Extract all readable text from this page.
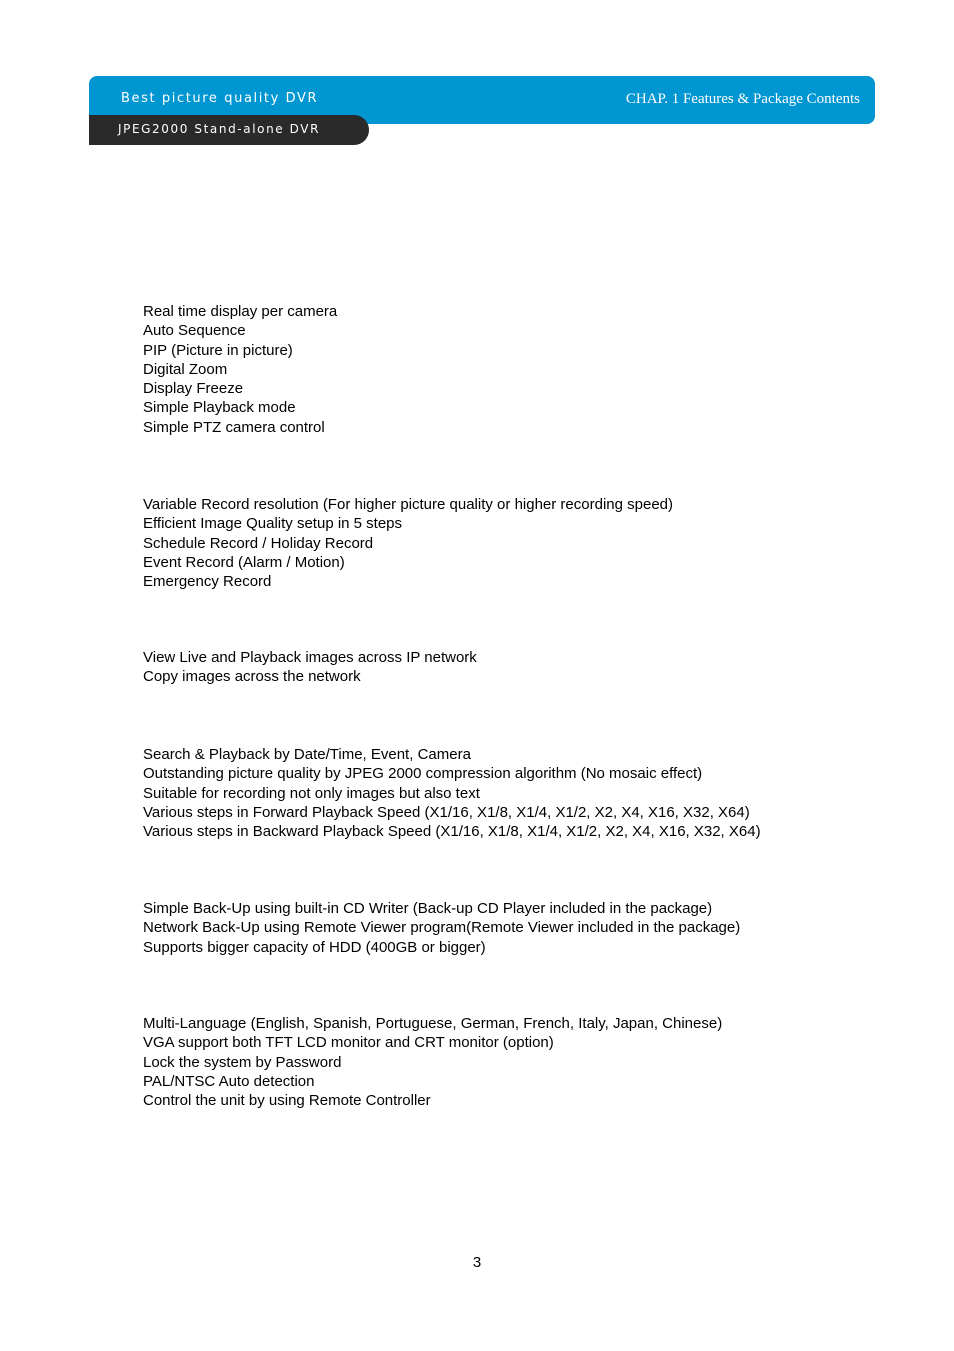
Best picture quality DVR	CHAP. 1 Features & Package Contents
JPEG2000 Stand-alone DVR
Real time display per camera
Auto Sequence
PIP (Picture in picture)
Digital Zoom
Display Freeze
Simple Playback mode
Simple PTZ camera control
Variable Record resolution (For higher picture quality or higher recording speed)
Efficient Image Quality setup in 5 steps
Schedule Record / Holiday Record
Event Record (Alarm / Motion)
Emergency Record
View Live and Playback images across IP network
Copy images across the network
Search & Playback by Date/Time, Event, Camera
Outstanding picture quality by JPEG 2000 compression algorithm (No mosaic effect)
Suitable for recording not only images but also text
Various steps in Forward Playback Speed (X1/16, X1/8, X1/4, X1/2, X2, X4, X16, X32, X64)
Various steps in Backward Playback Speed (X1/16, X1/8, X1/4, X1/2, X2, X4, X16, X32, X64)
Simple Back-Up using built-in CD Writer (Back-up CD Player included in the package)
Network Back-Up using Remote Viewer program(Remote Viewer included in the package)
Supports bigger capacity of HDD (400GB or bigger)
Multi-Language (English, Spanish, Portuguese, German, French, Italy, Japan, Chinese)
VGA support both TFT LCD monitor and CRT monitor (option)
Lock the system by Password
PAL/NTSC Auto detection
Control the unit by using Remote Controller
3
